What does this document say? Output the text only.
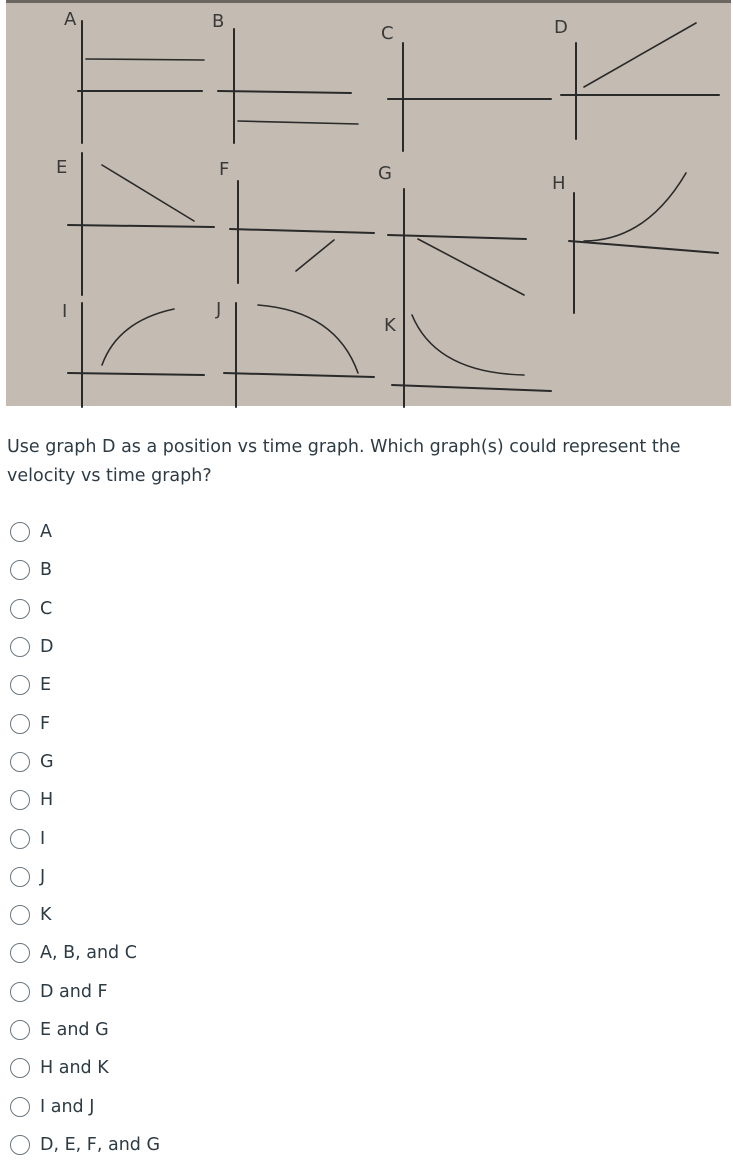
A	B
C	D
E	F	G	H
I	J
K

Use graph D as a position vs time graph. Which graph(s) could represent the velocity vs time graph?

A
B
C
D
E
F
G
H
I
J
K
A, B, and C
D and F
E and G
H and K
I and J
D, E, F, and G
